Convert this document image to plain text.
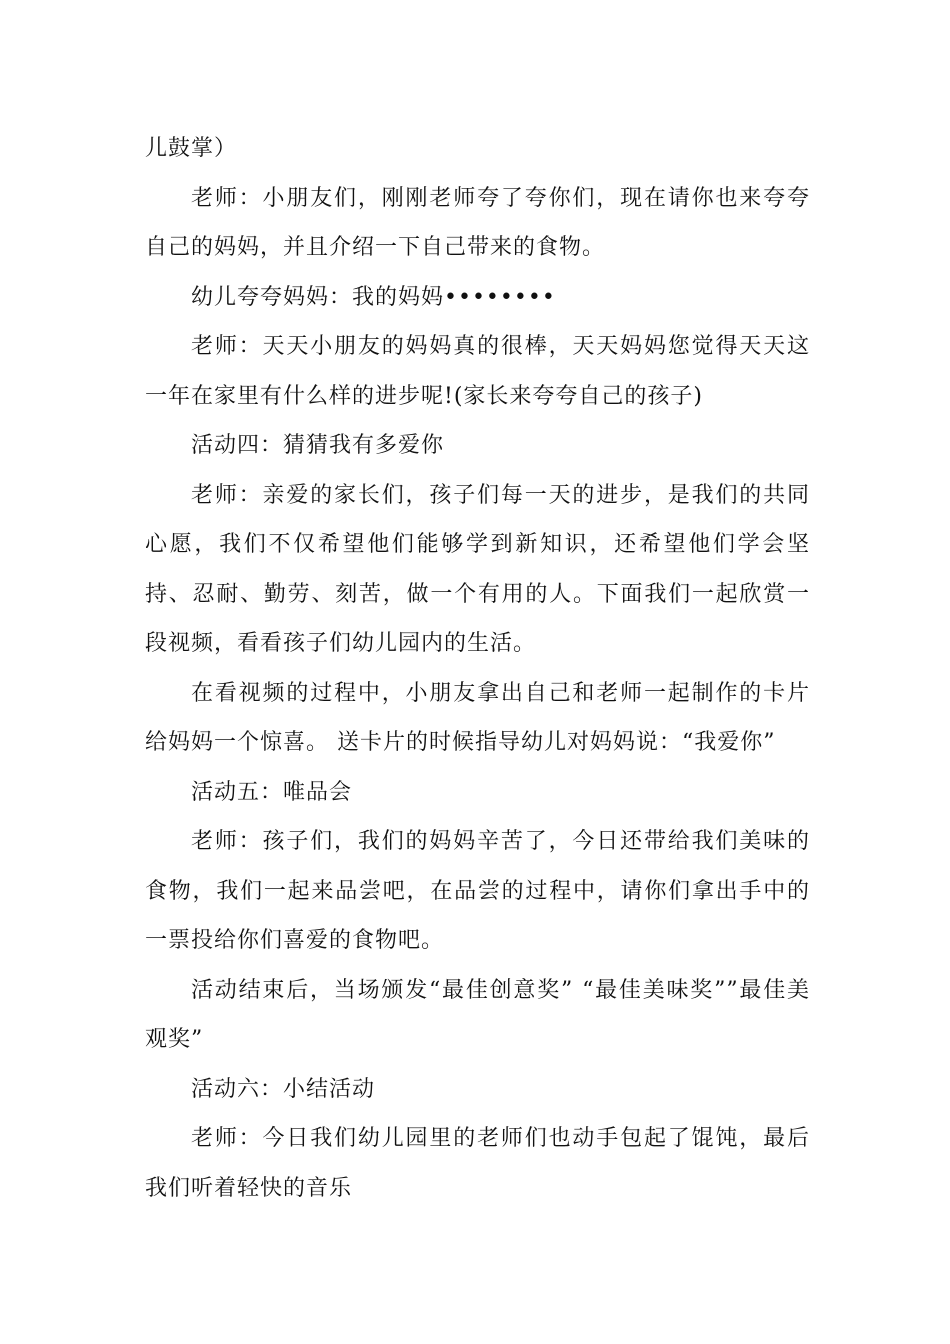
儿鼓掌）

老师：小朋友们，刚刚老师夸了夸你们，现在请你也来夸夸自己的妈妈，并且介绍一下自己带来的食物。

幼儿夸夸妈妈：我的妈妈••••••••

老师：天天小朋友的妈妈真的很棒，天天妈妈您觉得天天这一年在家里有什么样的进步呢!(家长来夸夸自己的孩子)

活动四：猜猜我有多爱你

老师：亲爱的家长们，孩子们每一天的进步，是我们的共同心愿，我们不仅希望他们能够学到新知识，还希望他们学会坚持、忍耐、勤劳、刻苦，做一个有用的人。下面我们一起欣赏一段视频，看看孩子们幼儿园内的生活。

在看视频的过程中，小朋友拿出自己和老师一起制作的卡片给妈妈一个惊喜。 送卡片的时候指导幼儿对妈妈说：“我爱你”

活动五：唯品会

老师：孩子们，我们的妈妈辛苦了，今日还带给我们美味的食物，我们一起来品尝吧，在品尝的过程中，请你们拿出手中的一票投给你们喜爱的食物吧。

活动结束后，当场颁发“最佳创意奖” “最佳美味奖””最佳美观奖”

活动六：小结活动

老师：今日我们幼儿园里的老师们也动手包起了馄饨，最后我们听着轻快的音乐
